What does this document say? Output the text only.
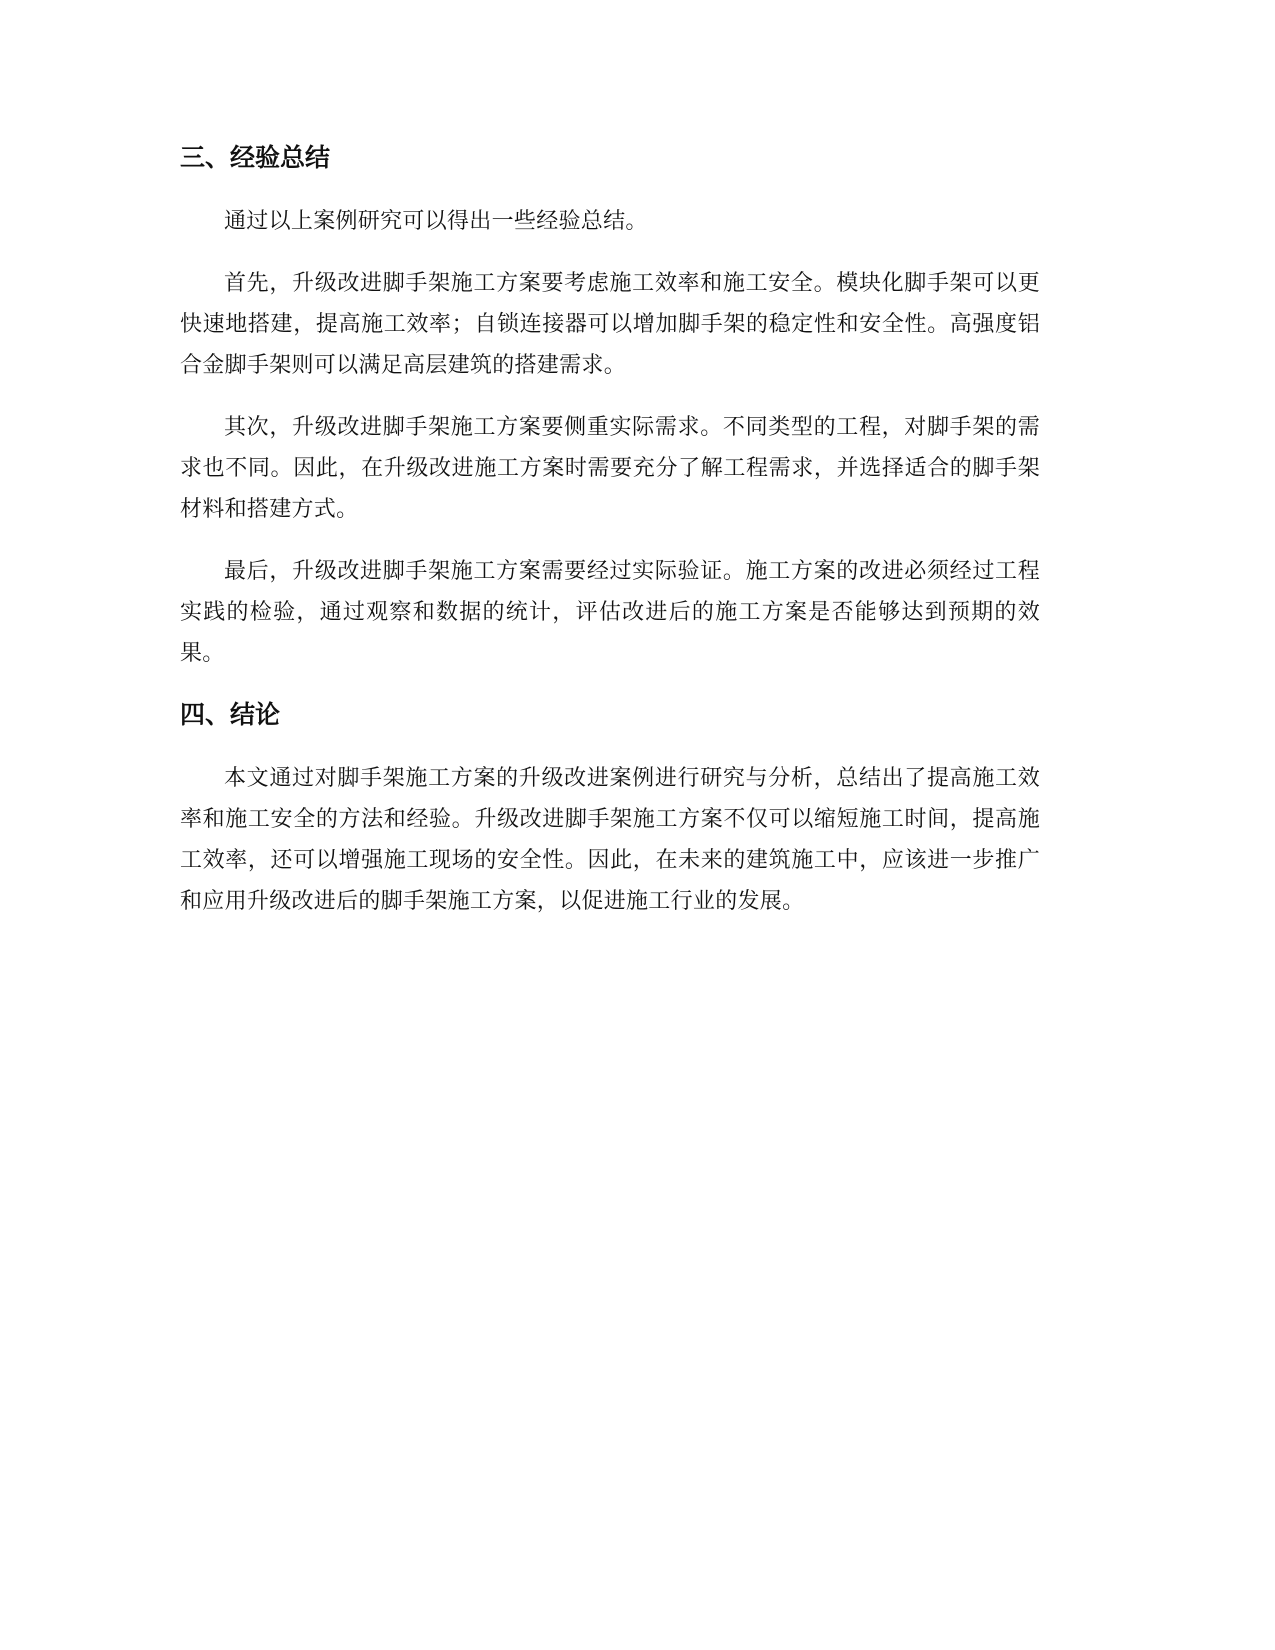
三、经验总结

通过以上案例研究可以得出一些经验总结。

首先，升级改进脚手架施工方案要考虑施工效率和施工安全。模块化脚手架可以更快速地搭建，提高施工效率；自锁连接器可以增加脚手架的稳定性和安全性。高强度铝合金脚手架则可以满足高层建筑的搭建需求。

其次，升级改进脚手架施工方案要侧重实际需求。不同类型的工程，对脚手架的需求也不同。因此，在升级改进施工方案时需要充分了解工程需求，并选择适合的脚手架材料和搭建方式。

最后，升级改进脚手架施工方案需要经过实际验证。施工方案的改进必须经过工程实践的检验，通过观察和数据的统计，评估改进后的施工方案是否能够达到预期的效果。

四、结论

本文通过对脚手架施工方案的升级改进案例进行研究与分析，总结出了提高施工效率和施工安全的方法和经验。升级改进脚手架施工方案不仅可以缩短施工时间，提高施工效率，还可以增强施工现场的安全性。因此，在未来的建筑施工中，应该进一步推广和应用升级改进后的脚手架施工方案，以促进施工行业的发展。
